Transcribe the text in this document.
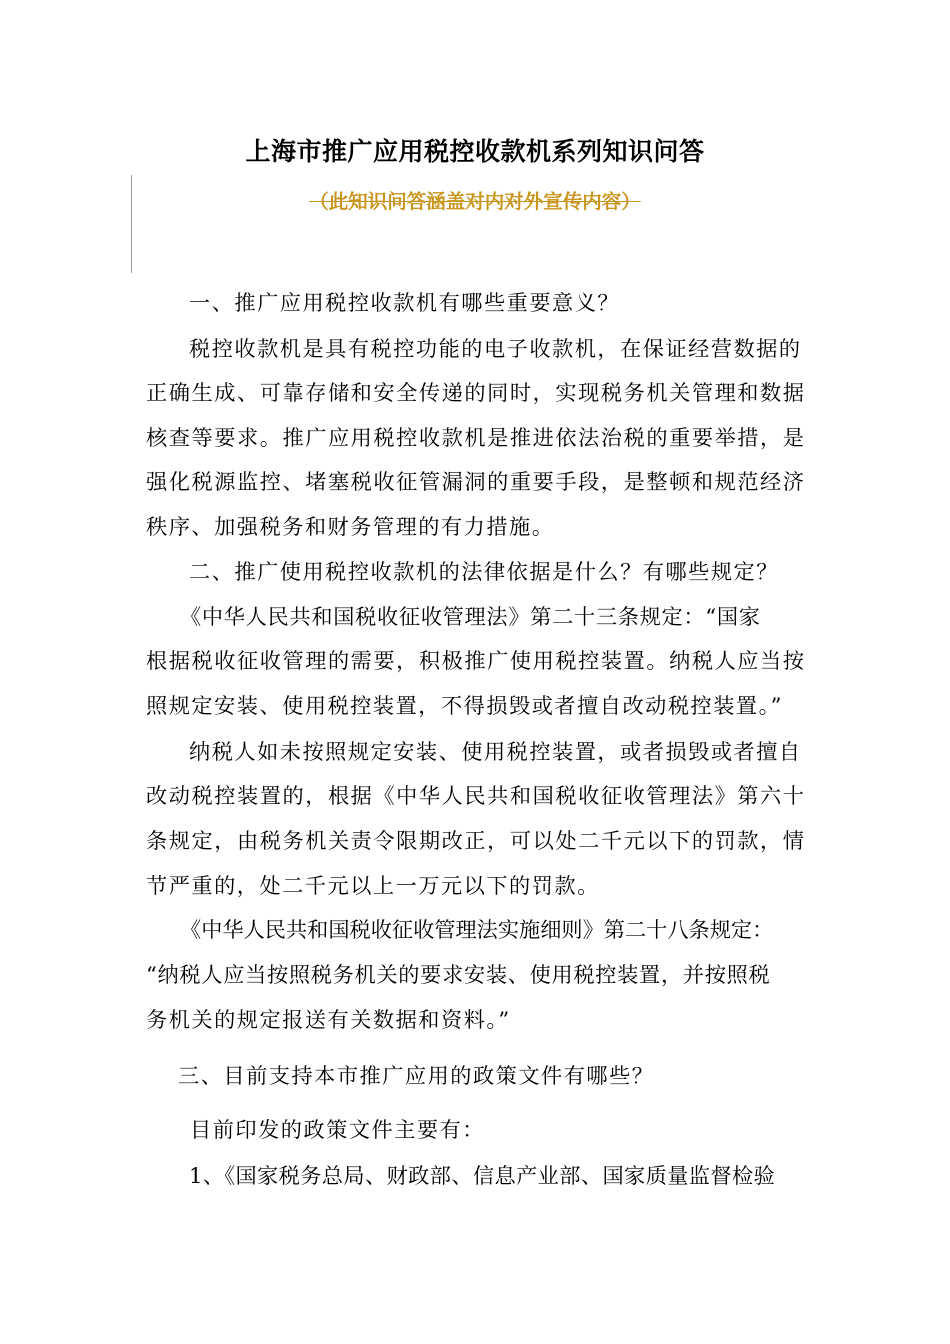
上海市推广应用税控收款机系列知识问答
（此知识问答涵盖对内对外宣传内容）
一、推广应用税控收款机有哪些重要意义？
税控收款机是具有税控功能的电子收款机，在保证经营数据的
正确生成、可靠存储和安全传递的同时，实现税务机关管理和数据
核查等要求。推广应用税控收款机是推进依法治税的重要举措，是
强化税源监控、堵塞税收征管漏洞的重要手段，是整顿和规范经济
秩序、加强税务和财务管理的有力措施。
二、推广使用税控收款机的法律依据是什么？有哪些规定？
《中华人民共和国税收征收管理法》第二十三条规定：“国家
根据税收征收管理的需要，积极推广使用税控装置。纳税人应当按
照规定安装、使用税控装置，不得损毁或者擅自改动税控装置。”
纳税人如未按照规定安装、使用税控装置，或者损毁或者擅自
改动税控装置的，根据《中华人民共和国税收征收管理法》第六十
条规定，由税务机关责令限期改正，可以处二千元以下的罚款，情
节严重的，处二千元以上一万元以下的罚款。
《中华人民共和国税收征收管理法实施细则》第二十八条规定：
“纳税人应当按照税务机关的要求安装、使用税控装置，并按照税
务机关的规定报送有关数据和资料。”
三、目前支持本市推广应用的政策文件有哪些？
目前印发的政策文件主要有：
1、《国家税务总局、财政部、信息产业部、国家质量监督检验
